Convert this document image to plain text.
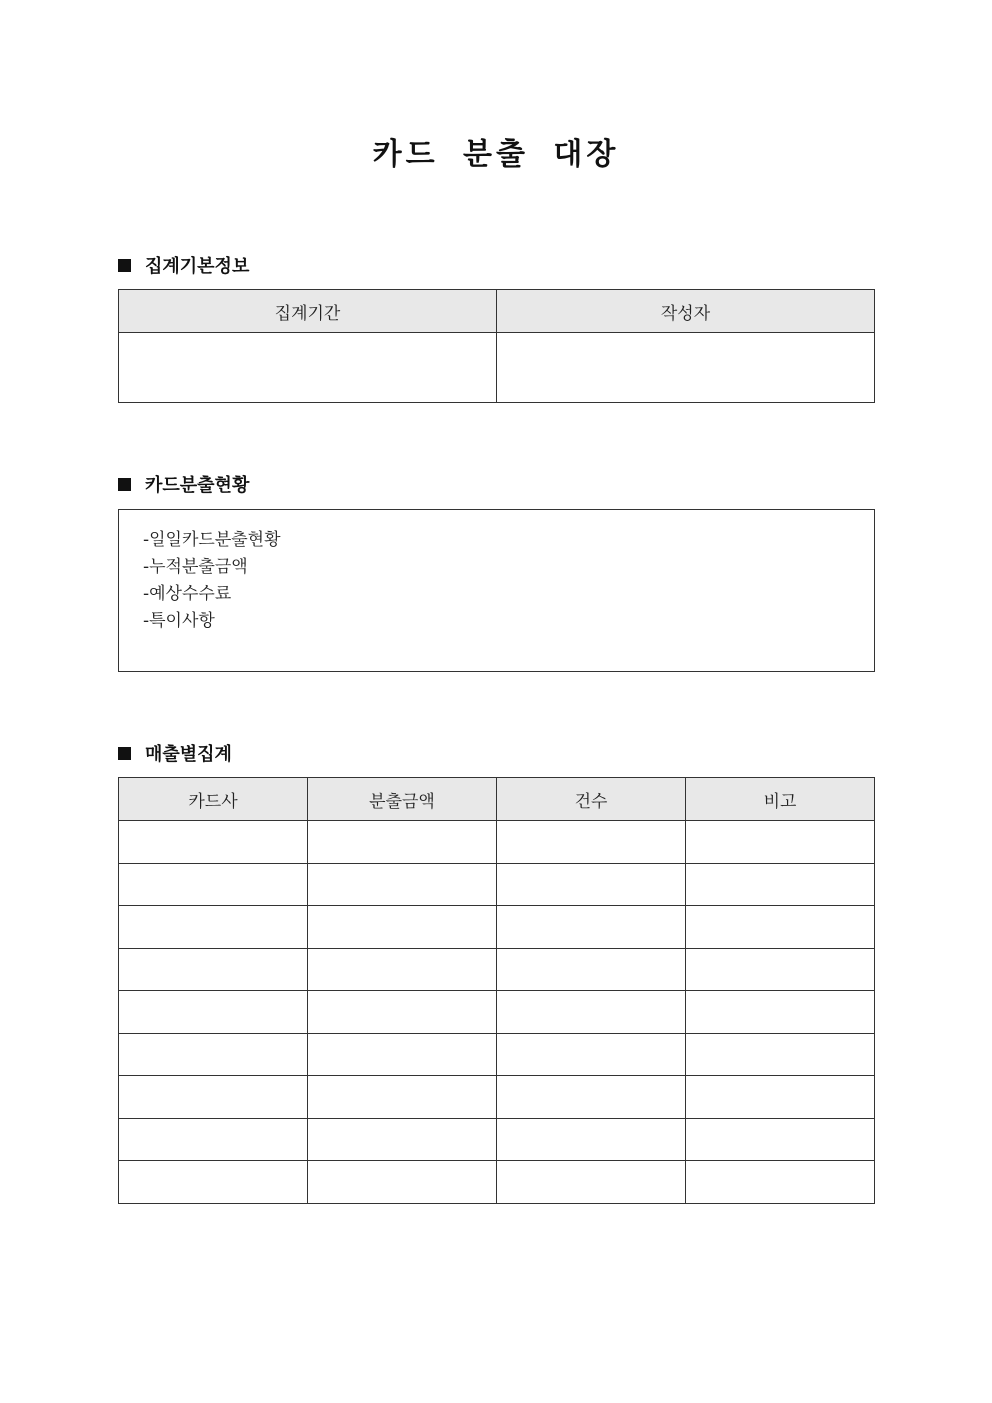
카드 분출 대장
집계기본정보
집계기간	작성자

카드분출현황
-일일카드분출현황
-누적분출금액
-예상수수료
-특이사항
매출별집계
카드사	분출금액	건수	비고
